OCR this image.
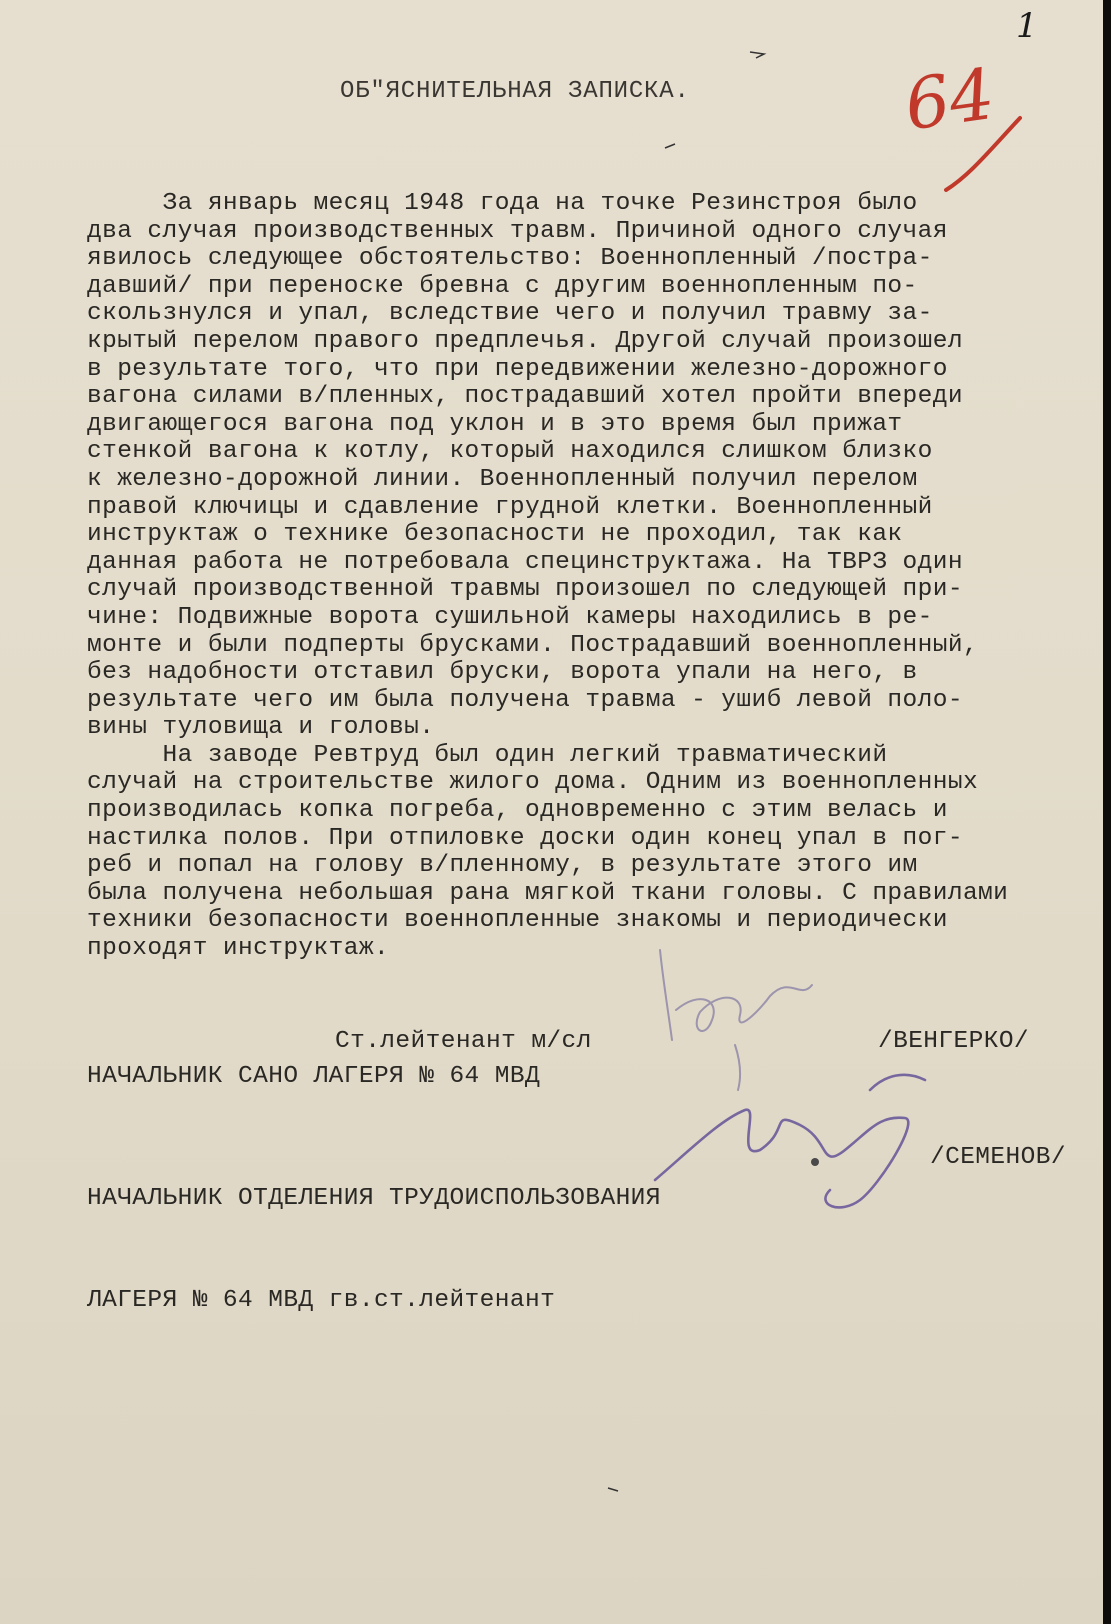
1
ОБ"ЯСНИТЕЛЬНАЯ ЗАПИСКА.
За январь месяц 1948 года на точке Резинстроя было
два случая производственных травм. Причиной одного случая
явилось следующее обстоятельство: Военнопленный /постра-
давший/ при переноске бревна с другим военнопленным по-
скользнулся и упал, вследствие чего и получил травму за-
крытый перелом правого предплечья. Другой случай произошел
в результате того, что при передвижении железно-дорожного
вагона силами в/пленных, пострадавший хотел пройти впереди
двигающегося вагона под уклон и в это время был прижат
стенкой вагона к котлу, который находился слишком близко
к железно-дорожной линии. Военнопленный получил перелом
правой ключицы и сдавление грудной клетки. Военнопленный
инструктаж о технике безопасности не проходил, так как
данная работа не потребовала специнструктажа. На ТВРЗ один
случай производственной травмы произошел по следующей при-
чине: Подвижные ворота сушильной камеры находились в ре-
монте и были подперты брусками. Пострадавший военнопленный,
без надобности отставил бруски, ворота упали на него, в
результате чего им была получена травма - ушиб левой поло-
вины туловища и головы.
На заводе Ревтруд был один легкий травматический
случай на строительстве жилого дома. Одним из военнопленных
производилась копка погреба, одновременно с этим велась и
настилка полов. При отпиловке доски один конец упал в пог-
реб и попал на голову в/пленному, в результате этого им
была получена небольшая рана мягкой ткани головы. С правилами
техники безопасности военнопленные знакомы и периодически
проходят инструктаж.

НАЧАЛЬНИК САНО ЛАГЕРЯ № 64 МВД

Ст.лейтенант м/сл	/ВЕНГЕРКО/

НАЧАЛЬНИК ОТДЕЛЕНИЯ ТРУДОИСПОЛЬЗОВАНИЯ

ЛАГЕРЯ № 64 МВД гв.ст.лейтенант

/СЕМЕНОВ/
64
